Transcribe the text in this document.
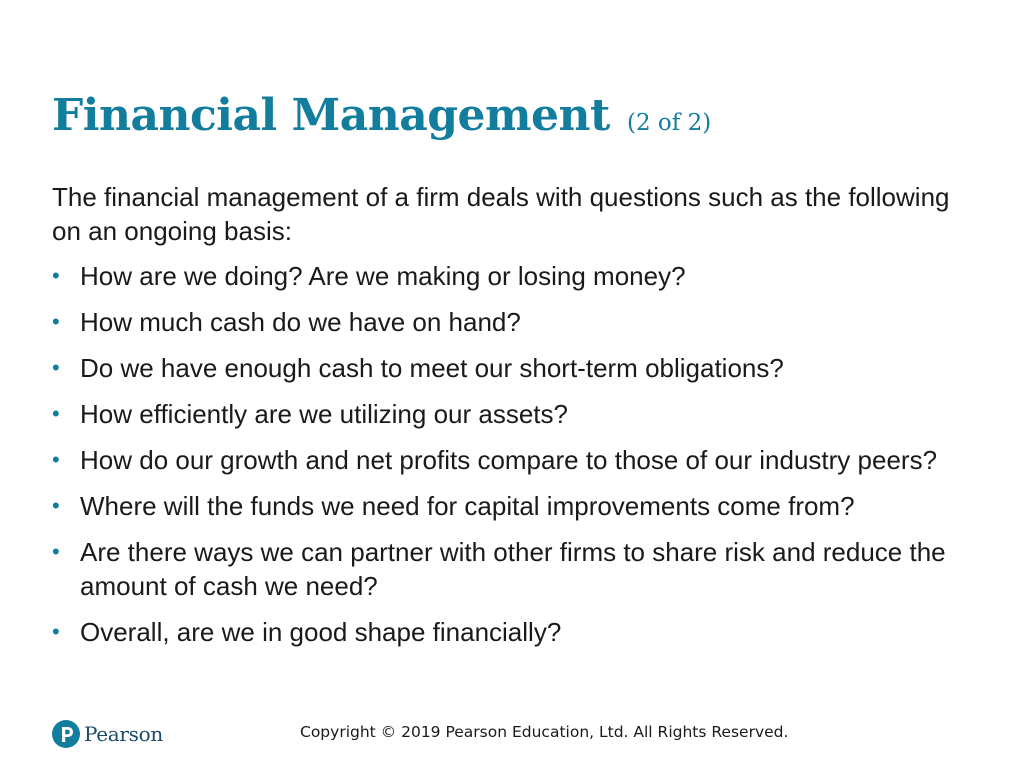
Financial Management (2 of 2)

The financial management of a firm deals with questions such as the following on an ongoing basis:

• How are we doing? Are we making or losing money?
• How much cash do we have on hand?
• Do we have enough cash to meet our short-term obligations?
• How efficiently are we utilizing our assets?
• How do our growth and net profits compare to those of our industry peers?
• Where will the funds we need for capital improvements come from?
• Are there ways we can partner with other firms to share risk and reduce the amount of cash we need?
• Overall, are we in good shape financially?
Pearson	Copyright © 2019 Pearson Education, Ltd. All Rights Reserved.
